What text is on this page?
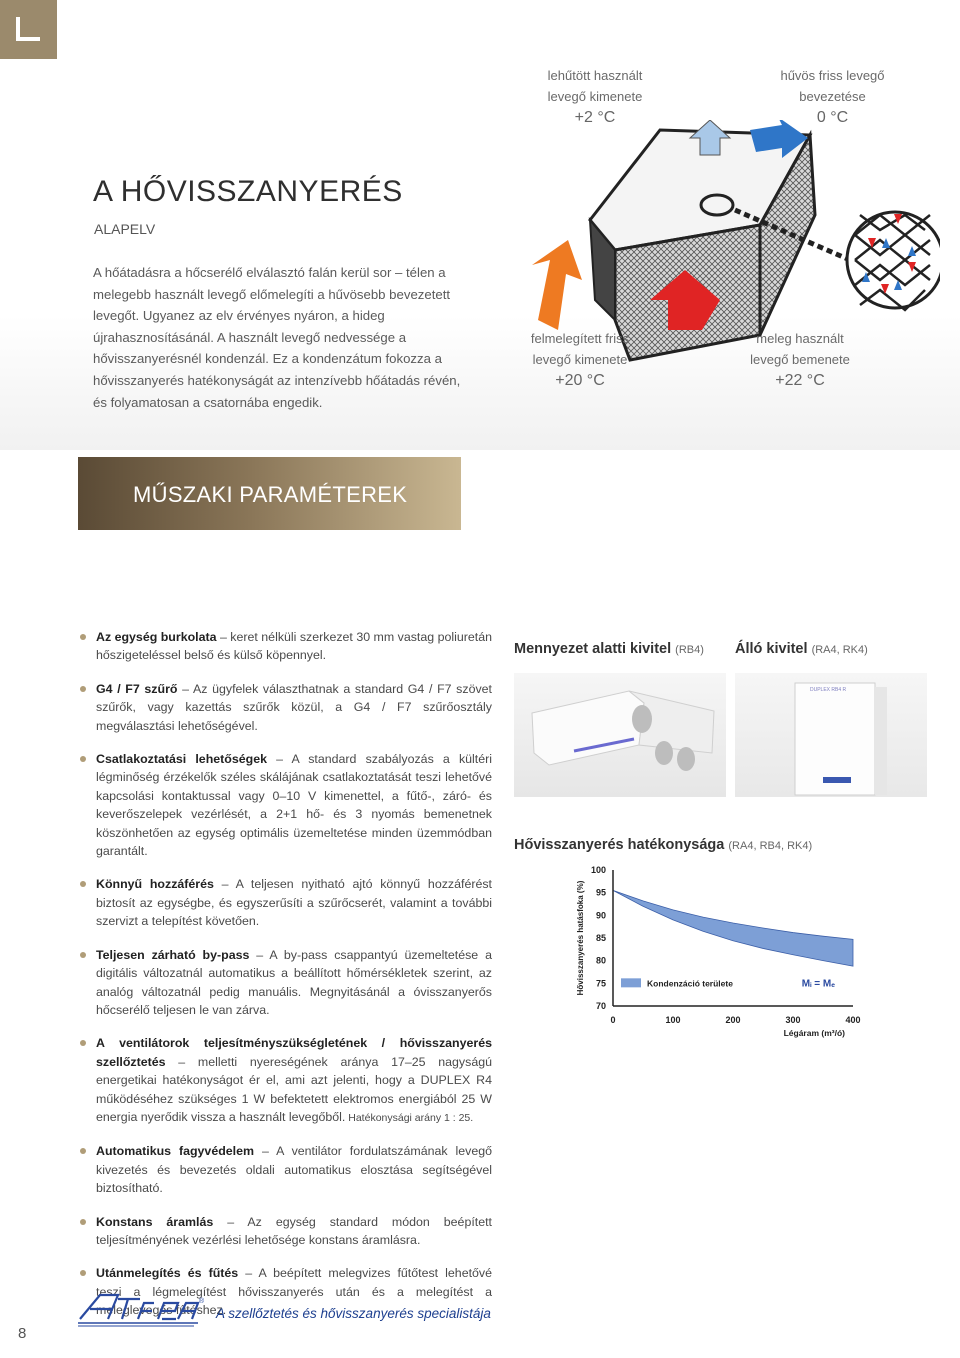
A HŐVISSZANYERÉS
ALAPELV
A hőátadásra a hőcserélő elválasztó falán kerül sor – télen a melegebb használt levegő előmelegíti a hűvösebb bevezetett levegőt. Ugyanez az elv érvényes nyáron, a hideg újrahasznosításánál. A használt levegő nedvessége a hővisszanyerésnél kondenzál. Ez a kondenzátum fokozza a hővisszanyerés hatékonyságát az intenzívebb hőátadás révén, és folyamatosan a csatornába engedik.
lehűtött használt
levegő kimenete
+2 °C
hűvös friss levegő
bevezetése
0 °C
felmelegített friss
levegő kimenete
+20 °C
meleg használt
levegő bemenete
+22 °C
MŰSZAKI PARAMÉTEREK
Az egység burkolata – keret nélküli szerkezet 30 mm vastag poliuretán hőszigeteléssel belső és külső köpennyel.
G4 / F7 szűrő – Az ügyfelek választhatnak a standard G4 / F7 szövet szűrők, vagy kazettás szűrők közül, a G4 / F7 szűrőosztály megválasztási lehetőségével.
Csatlakoztatási lehetőségek – A standard szabályozás a kültéri légminőség érzékelők széles skálájának csatlakoztatását teszi lehetővé kapcsolási kontaktussal vagy 0–10 V kimenettel, a fűtő-, záró- és keverőszelepek vezérlését, a 2+1 hő- és 3 nyomás bemenetnek köszönhetően az egység optimális üzemeltetése minden üzemmódban garantált.
Könnyű hozzáférés – A teljesen nyitható ajtó könnyű hozzáférést biztosít az egységbe, és egyszerűsíti a szűrőcserét, valamint a további szervizt a telepítést követően.
Teljesen zárható by-pass – A by-pass csappantyú üzemeltetése a digitális változatnál automatikus a beállított hőmérsékletek szerint, az analóg változatnál pedig manuális. Megnyitásánál a óvisszanyerős hőcserélő teljesen le van zárva.
A ventilátorok teljesítményszükségletének / hővisszanyerés szellőztetés – melletti nyereségének aránya 17–25 nagyságú energetikai hatékonyságot ér el, ami azt jelenti, hogy a DUPLEX R4 működéséhez szükséges 1 W befektetett elektromos energiából 25 W energia nyerődik vissza a használt levegőből. Hatékonysági arány 1 : 25.
Automatikus fagyvédelem – A ventilátor fordulatszámának levegő kivezetés és bevezetés oldali automatikus elosztása segítségével biztosítható.
Konstans áramlás – Az egység standard módon beépített teljesítményének vezérlési lehetősége konstans áramlásra.
Utánmelegítés és fűtés – A beépített melegvizes fűtőtest lehetővé teszi a légmelegítést hővisszanyerés után és a melegítést a meleglevegős fűtéshez.
Mennyezet alatti kivitel (RB4) Álló kivitel (RA4, RK4)
DUPLEX RB4 R
Hővisszanyerés hatékonysága (RA4, RB4, RK4)
100
95
90
85
80
75
70
0	100	200	300	400
Hővisszanyerés hatásfoka (%)
Légáram (m³/ó)
Kondenzáció területe	Mᵢ = Mₑ
®
A szellőztetés és hővisszanyerés specialistája
8
